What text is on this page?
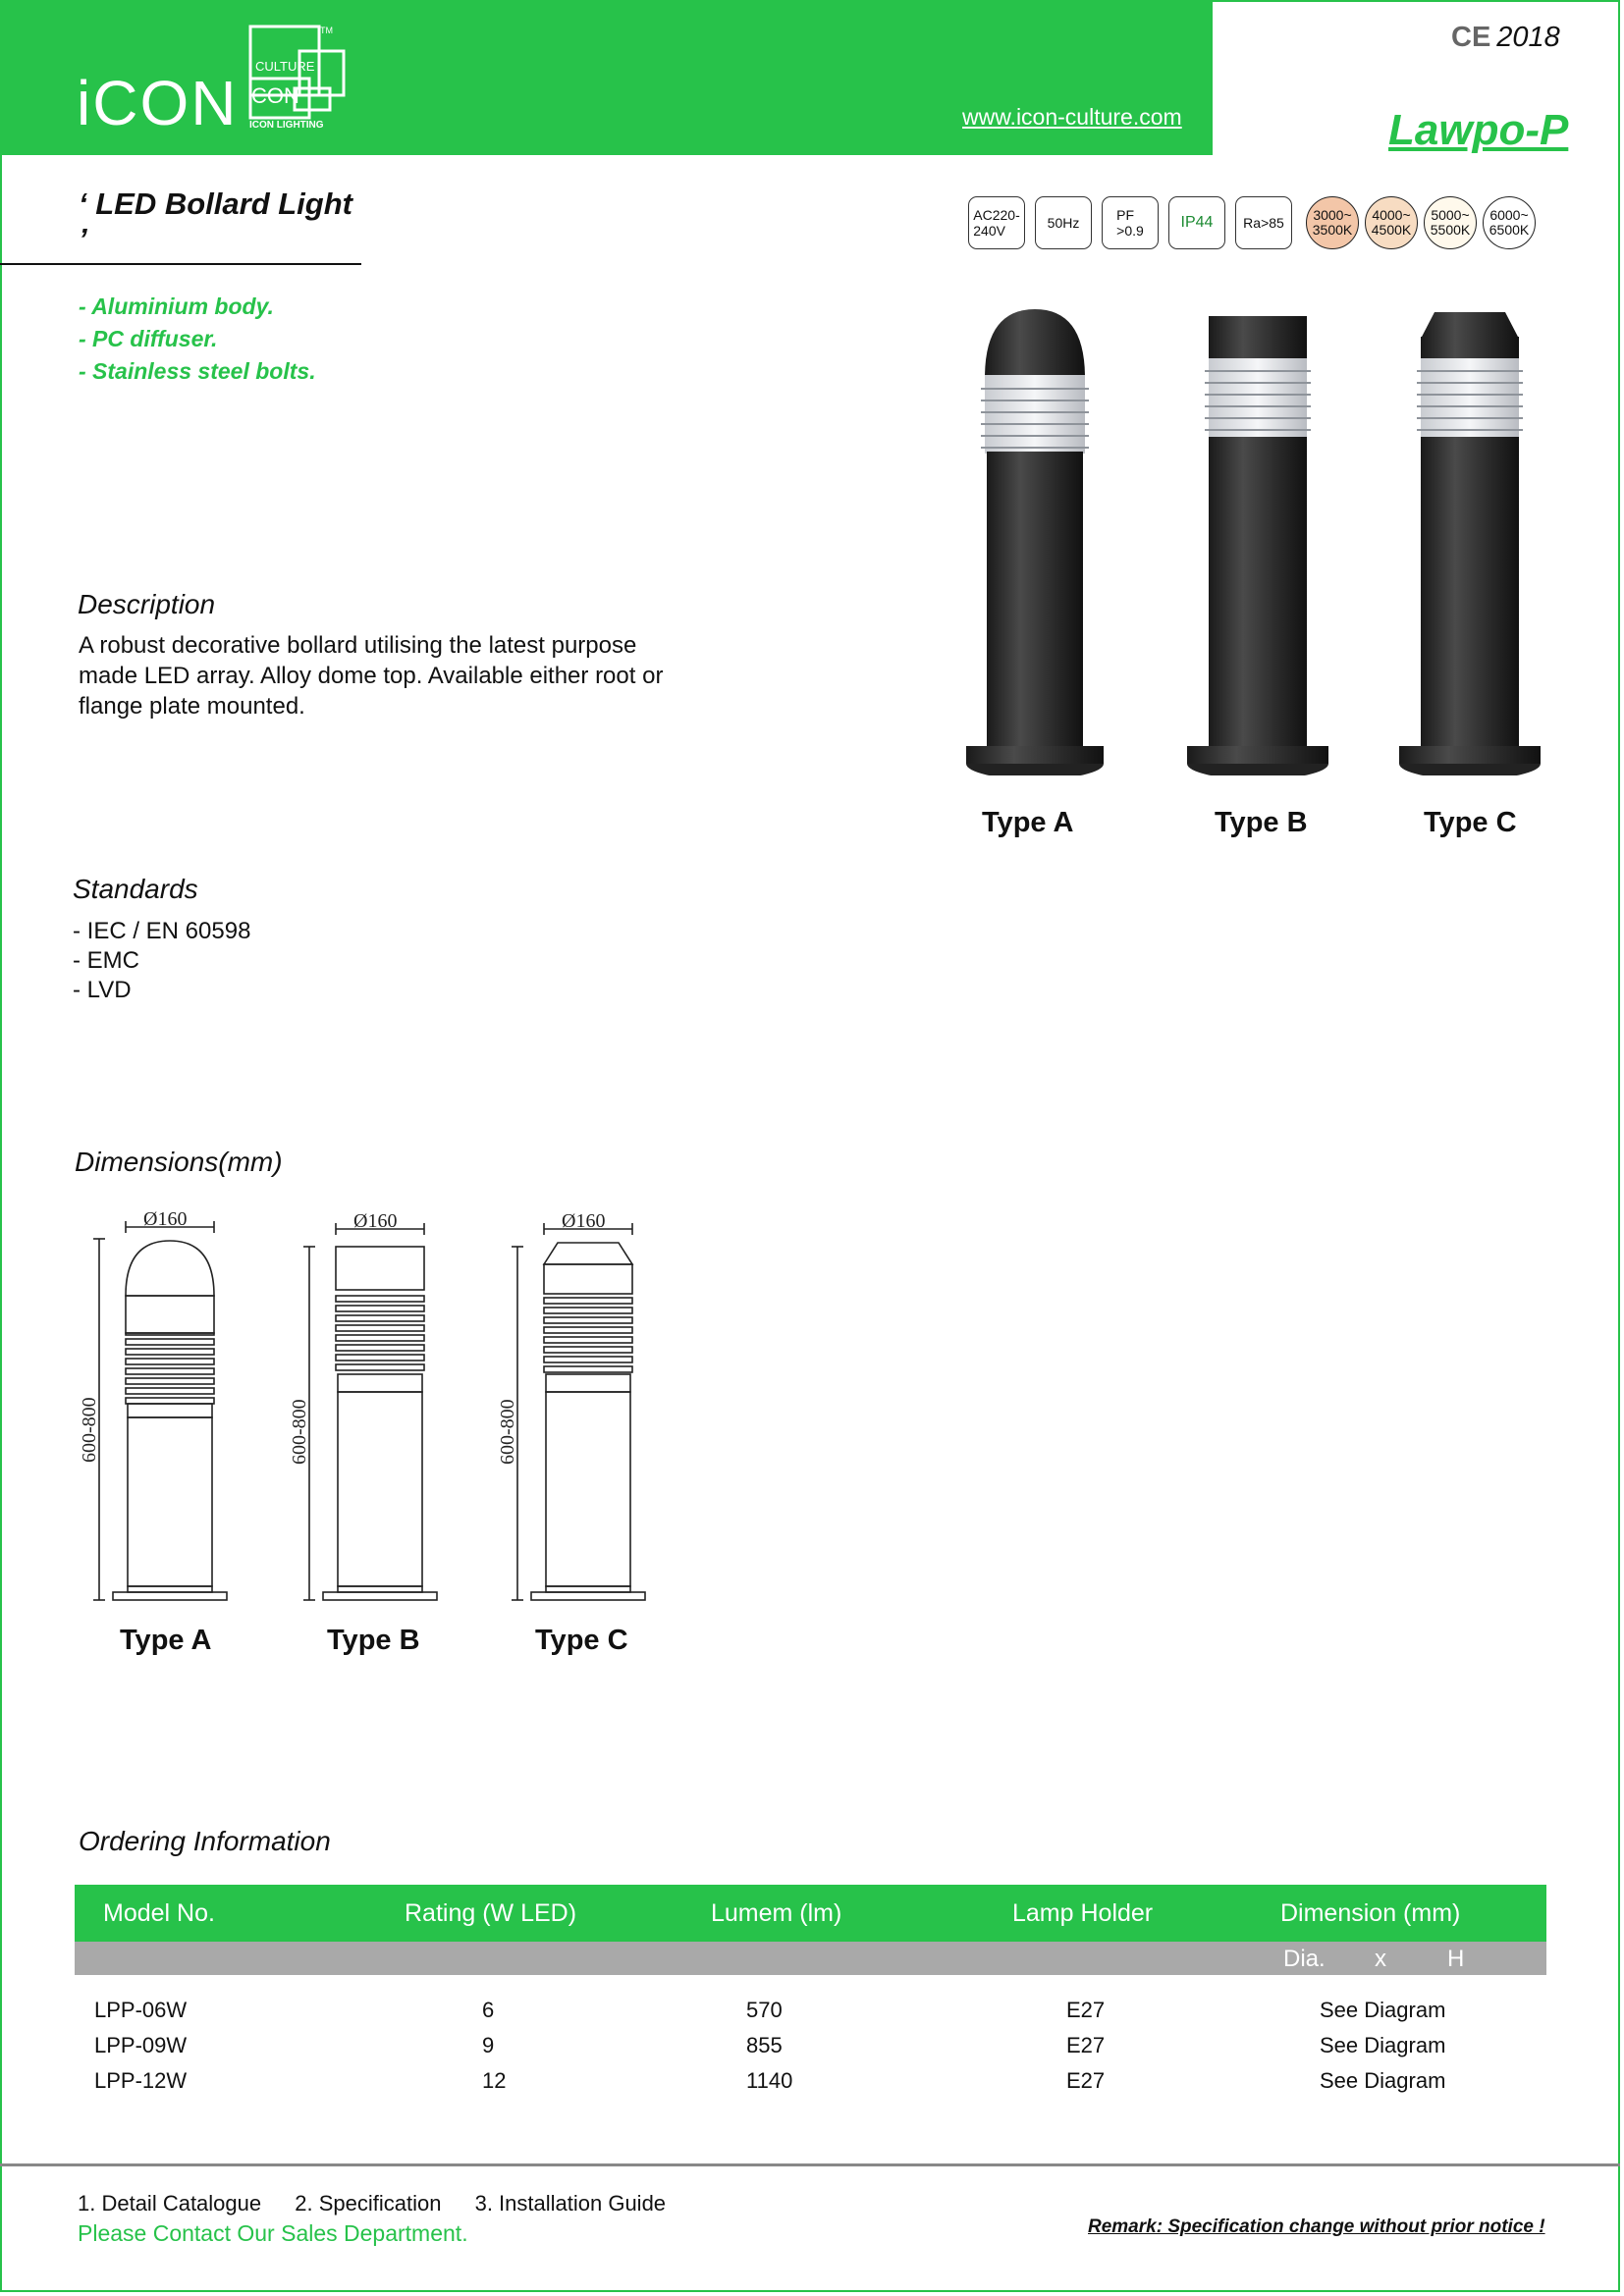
iCON
CULTURE
CON
ICON LIGHTING
TM
www.icon-culture.com
CE 2018
Lawpo-P
‘ LED Bollard Light ’
- Aluminium body.
- PC diffuser.
- Stainless steel bolts.
AC220-
240V	50Hz	PF
>0.9 IP44 Ra>85 3000~
3500K
4000~
4500K
5000~
5500K
6000~
6500K
Type A	Type B	Type C
Description
A robust decorative bollard utilising the latest purpose made LED array. Alloy dome top. Available either root or flange plate mounted.
Standards
- IEC / EN 60598
- EMC
- LVD
Dimensions(mm)
Ø160
600-800
Ø160
600-800
Ø160
600-800
Type A	Type B	Type C
Ordering Information
Model No.	Rating (W LED)	Lumem (lm)	Lamp Holder	Dimension (mm)
Dia. x	H
LPP-06W	6	570	E27	See Diagram
LPP-09W	9	855	E27	See Diagram
LPP-12W	12	1140	E27	See Diagram
1. Detail Catalogue 2. Specification 3. Installation Guide
Please Contact Our Sales Department.	Remark: Specification change without prior notice !
